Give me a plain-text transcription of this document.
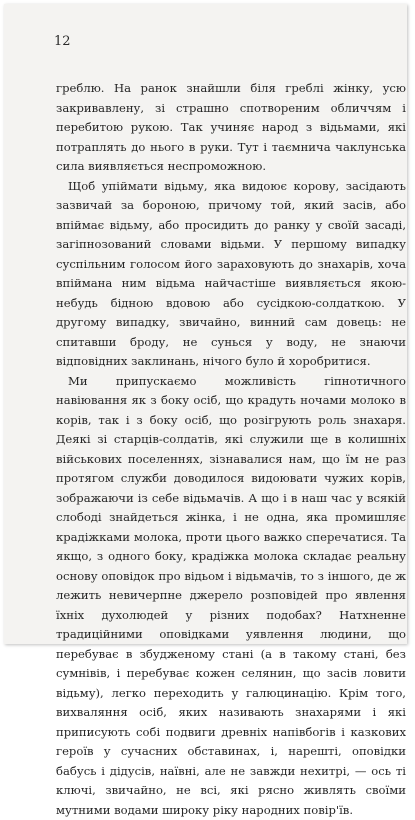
12

греблю. На ранок знайшли біля греблі жінку, усю закривавлену, зі страшно спотвореним обличчям і перебитою рукою. Так учиняє народ з відьмами, які потраплять до нього в руки. Тут і таємнича чаклунська сила виявляється неспроможною.

Щоб упіймати відьму, яка видоює корову, засідають зазвичай за бороною, причому той, який засів, або впіймає відьму, або просидить до ранку у своїй засаді, загіпнозований словами відьми. У першому випадку суспільним голосом його зараховують до знахарів, хоча впіймана ним відьма найчастіше виявляється якою-небудь бідною вдовою або сусідкою-солдаткою. У другому випадку, звичайно, винний сам довець: не спитавши броду, не суньcя у воду, не знаючи відповідних заклинань, нічого було й хоробритися.

Ми припускаємо можливість гіпнотичного навіювання як з боку осіб, що крадуть ночами молоко в корів, так і з боку осіб, що розігрують роль знахаря. Деякі зі старців-солдатів, які служили ще в колишніх військових поселеннях, зізнавалися нам, що їм не раз протягом служби доводилося видоювати чужих корів, зображаючи із себе відьмачів. А що і в наш час у всякій слободі знайдеться жінка, і не одна, яка промишляє крадіжками молока, проти цього важко сперечатися. Та якщо, з одного боку, крадіжка молока складає реальну основу оповідок про відьом і відьмачів, то з іншого, де ж лежить невичерпне джерело розповідей про явлення їхніх духолюдей у різних подобах? Натхненне традиційними оповідками уявлення людини, що перебуває в збудженому стані (а в такому стані, без сумнівів, і перебуває кожен селянин, що засів ловити відьму), легко переходить у галюцинацію. Крім того, вихваляння осіб, яких називають знахарями і які приписують собі подвиги древніх напівбогів і казкових героїв у сучасних обставинах, і, нарешті, оповідки бабусь і дідусів, наївні, але не завжди нехитрі, — ось ті ключі, звичайно, не всі, які рясно живлять своїми мутними водами широку ріку народних повір'їв.
